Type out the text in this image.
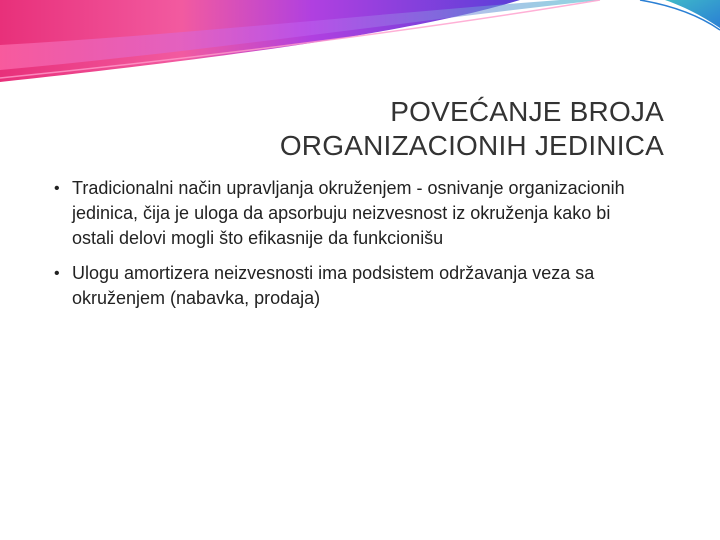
POVEĆANJE BROJA
ORGANIZACIONIH JEDINICA
• Tradicionalni način upravljanja okruženjem - osnivanje organizacionih jedinica, čija je uloga da apsorbuju neizvesnost iz okruženja kako bi ostali delovi mogli što efikasnije da funkcionišu
• Ulogu amortizera neizvesnosti ima podsistem održavanja veza sa okruženjem (nabavka, prodaja)
